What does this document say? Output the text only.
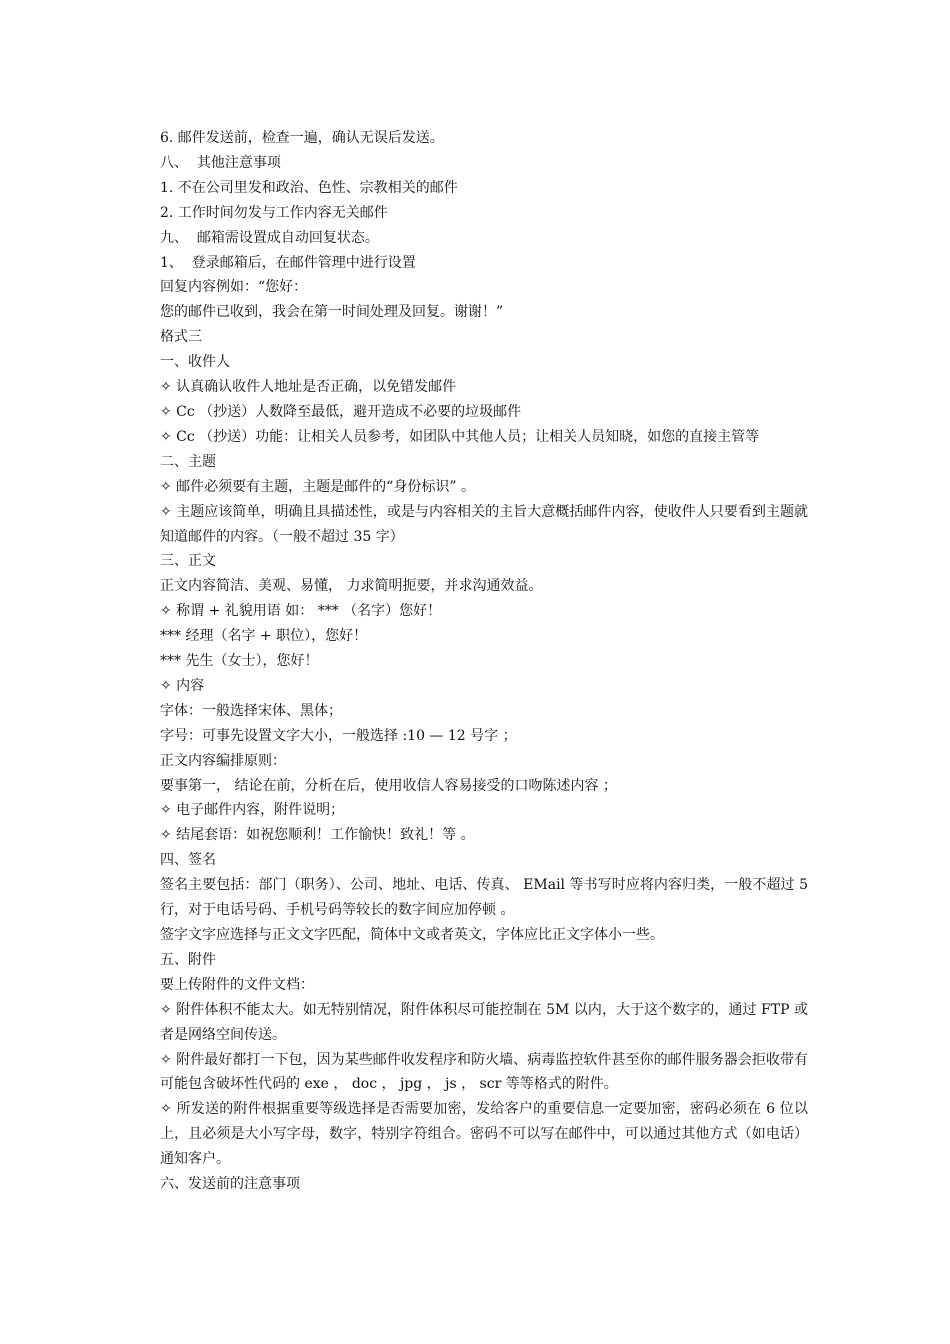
6. 邮件发送前，检查一遍，确认无误后发送。

八、  其他注意事项

1. 不在公司里发和政治、色性、宗教相关的邮件

2. 工作时间勿发与工作内容无关邮件

九、  邮箱需设置成自动回复状态。

1、  登录邮箱后，在邮件管理中进行设置

回复内容例如：“您好：

您的邮件已收到，我会在第一时间处理及回复。谢谢！”

格式三

一、收件人

✧ 认真确认收件人地址是否正确，以免错发邮件

✧ Cc （抄送）人数降至最低，避开造成不必要的垃圾邮件

✧ Cc （抄送）功能：让相关人员参考，如团队中其他人员；让相关人员知晓，如您的直接主管等

二、主题

✧ 邮件必须要有主题，主题是邮件的“身份标识” 。

✧ 主题应该简单，明确且具描述性，或是与内容相关的主旨大意概括邮件内容，使收件人只要看到主题就知道邮件的内容。（一般不超过 35 字）

三、正文

正文内容简洁、美观、易懂， 力求简明扼要，并求沟通效益。

✧ 称谓 + 礼貌用语 如： *** （名字）您好！

*** 经理（名字 + 职位），您好！

*** 先生（女士），您好！

✧ 内容

字体：一般选择宋体、黑体；

字号：可事先设置文字大小，一般选择 :10 — 12 号字 ；

正文内容编排原则：

要事第一， 结论在前，分析在后，使用收信人容易接受的口吻陈述内容 ；

✧ 电子邮件内容，附件说明；

✧ 结尾套语：如祝您顺利！工作愉快！致礼！等 。

四、签名

签名主要包括：部门（职务）、公司、地址、电话、传真、 EMail 等书写时应将内容归类，一般不超过 5 行，对于电话号码、手机号码等较长的数字间应加停顿 。

签字文字应选择与正文文字匹配，简体中文或者英文，字体应比正文字体小一些。

五、附件

要上传附件的文件文档：

✧ 附件体积不能太大。如无特别情况，附件体积尽可能控制在 5M 以内，大于这个数字的，通过 FTP 或者是网络空间传送。

✧ 附件最好都打一下包，因为某些邮件收发程序和防火墙、病毒监控软件甚至你的邮件服务器会拒收带有可能包含破坏性代码的 exe ， doc ， jpg ， js ， scr 等等格式的附件。

✧ 所发送的附件根据重要等级选择是否需要加密，发给客户的重要信息一定要加密，密码必须在 6 位以上，且必须是大小写字母，数字，特别字符组合。密码不可以写在邮件中，可以通过其他方式（如电话）通知客户。

六、发送前的注意事项
